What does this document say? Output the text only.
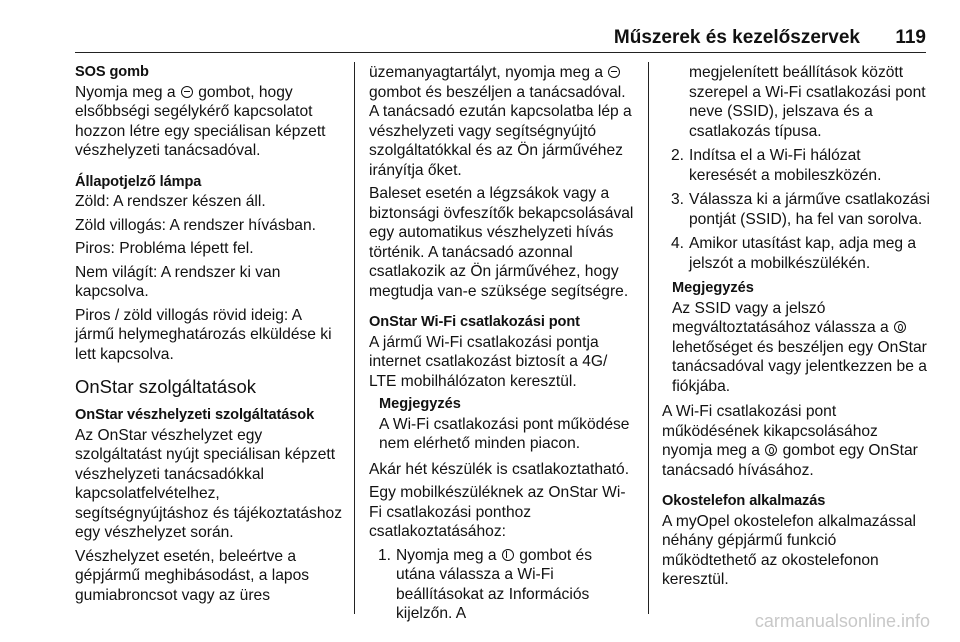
Műszerek és kezelőszervek 119

SOS gomb

Nyomja meg a  gombot, hogy elsőbbségi segélykérő kapcsolatot hozzon létre egy speciálisan képzett vészhelyzeti tanácsadóval.

Állapotjelző lámpa

Zöld: A rendszer készen áll.

Zöld villogás: A rendszer hívásban.

Piros: Probléma lépett fel.

Nem világít: A rendszer ki van kapcsolva.

Piros / zöld villogás rövid ideig: A jármű helymeghatározás elküldése ki lett kapcsolva.

OnStar szolgáltatások

OnStar vészhelyzeti szolgáltatások

Az OnStar vészhelyzet egy szolgáltatást nyújt speciálisan képzett vészhelyzeti tanácsadókkal kapcsolatfelvételhez, segítségnyújtáshoz és tájékoztatáshoz egy vészhelyzet során.

Vészhelyzet esetén, beleértve a gépjármű meghibásodást, a lapos gumiabroncsot vagy az üres

üzemanyagtartályt, nyomja meg a  gombot és beszéljen a tanácsadóval. A tanácsadó ezután kapcsolatba lép a vészhelyzeti vagy segítségnyújtó szolgáltatókkal és az Ön járművéhez irányítja őket.

Baleset esetén a légzsákok vagy a biztonsági övfeszítők bekapcsolásával egy automatikus vészhelyzeti hívás történik. A tanácsadó azonnal csatlakozik az Ön járművéhez, hogy megtudja van-e szüksége segítségre.

OnStar Wi-Fi csatlakozási pont

A jármű Wi-Fi csatlakozási pontja internet csatlakozást biztosít a 4G/ LTE mobilhálózaton keresztül.

Megjegyzés
A Wi-Fi csatlakozási pont működése nem elérhető minden piacon.

Akár hét készülék is csatlakoztatható.

Egy mobilkészüléknek az OnStar Wi-Fi csatlakozási ponthoz csatlakoztatásához:

1. Nyomja meg a  gombot és utána válassza a Wi-Fi beállításokat az Információs kijelzőn. A
megjelenített beállítások között szerepel a Wi-Fi csatlakozási pont neve (SSID), jelszava és a csatlakozás típusa.
2. Indítsa el a Wi-Fi hálózat keresését a mobileszközén.
3. Válassza ki a járműve csatlakozási pontját (SSID), ha fel van sorolva.
4. Amikor utasítást kap, adja meg a jelszót a mobilkészülékén.
Megjegyzés
Az SSID vagy a jelszó megváltoztatásához válassza a  lehetőséget és beszéljen egy OnStar tanácsadóval vagy jelentkezzen be a fiókjába.

A Wi-Fi csatlakozási pont működésének kikapcsolásához nyomja meg a  gombot egy OnStar tanácsadó hívásához.

Okostelefon alkalmazás

A myOpel okostelefon alkalmazással néhány gépjármű funkció működtethető az okostelefonon keresztül.

carmanualsonline.info
